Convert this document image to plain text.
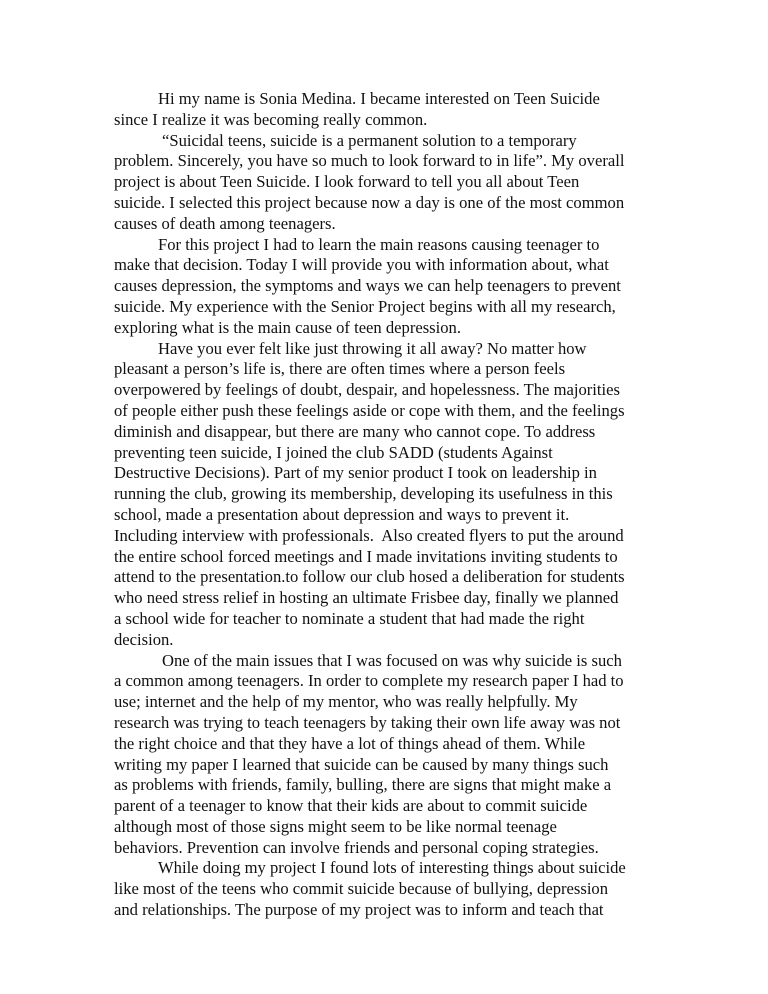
Hi my name is Sonia Medina. I became interested on Teen Suicide
since I realize it was becoming really common.
“Suicidal teens, suicide is a permanent solution to a temporary
problem. Sincerely, you have so much to look forward to in life”. My overall
project is about Teen Suicide. I look forward to tell you all about Teen
suicide. I selected this project because now a day is one of the most common
causes of death among teenagers.
For this project I had to learn the main reasons causing teenager to
make that decision. Today I will provide you with information about, what
causes depression, the symptoms and ways we can help teenagers to prevent
suicide. My experience with the Senior Project begins with all my research,
exploring what is the main cause of teen depression.
Have you ever felt like just throwing it all away? No matter how
pleasant a person’s life is, there are often times where a person feels
overpowered by feelings of doubt, despair, and hopelessness. The majorities
of people either push these feelings aside or cope with them, and the feelings
diminish and disappear, but there are many who cannot cope. To address
preventing teen suicide, I joined the club SADD (students Against
Destructive Decisions). Part of my senior product I took on leadership in
running the club, growing its membership, developing its usefulness in this
school, made a presentation about depression and ways to prevent it.
Including interview with professionals.  Also created flyers to put the around
the entire school forced meetings and I made invitations inviting students to
attend to the presentation.to follow our club hosed a deliberation for students
who need stress relief in hosting an ultimate Frisbee day, finally we planned
a school wide for teacher to nominate a student that had made the right
decision.
One of the main issues that I was focused on was why suicide is such
a common among teenagers. In order to complete my research paper I had to
use; internet and the help of my mentor, who was really helpfully. My
research was trying to teach teenagers by taking their own life away was not
the right choice and that they have a lot of things ahead of them. While
writing my paper I learned that suicide can be caused by many things such
as problems with friends, family, bulling, there are signs that might make a
parent of a teenager to know that their kids are about to commit suicide
although most of those signs might seem to be like normal teenage
behaviors. Prevention can involve friends and personal coping strategies.
While doing my project I found lots of interesting things about suicide
like most of the teens who commit suicide because of bullying, depression
and relationships. The purpose of my project was to inform and teach that
